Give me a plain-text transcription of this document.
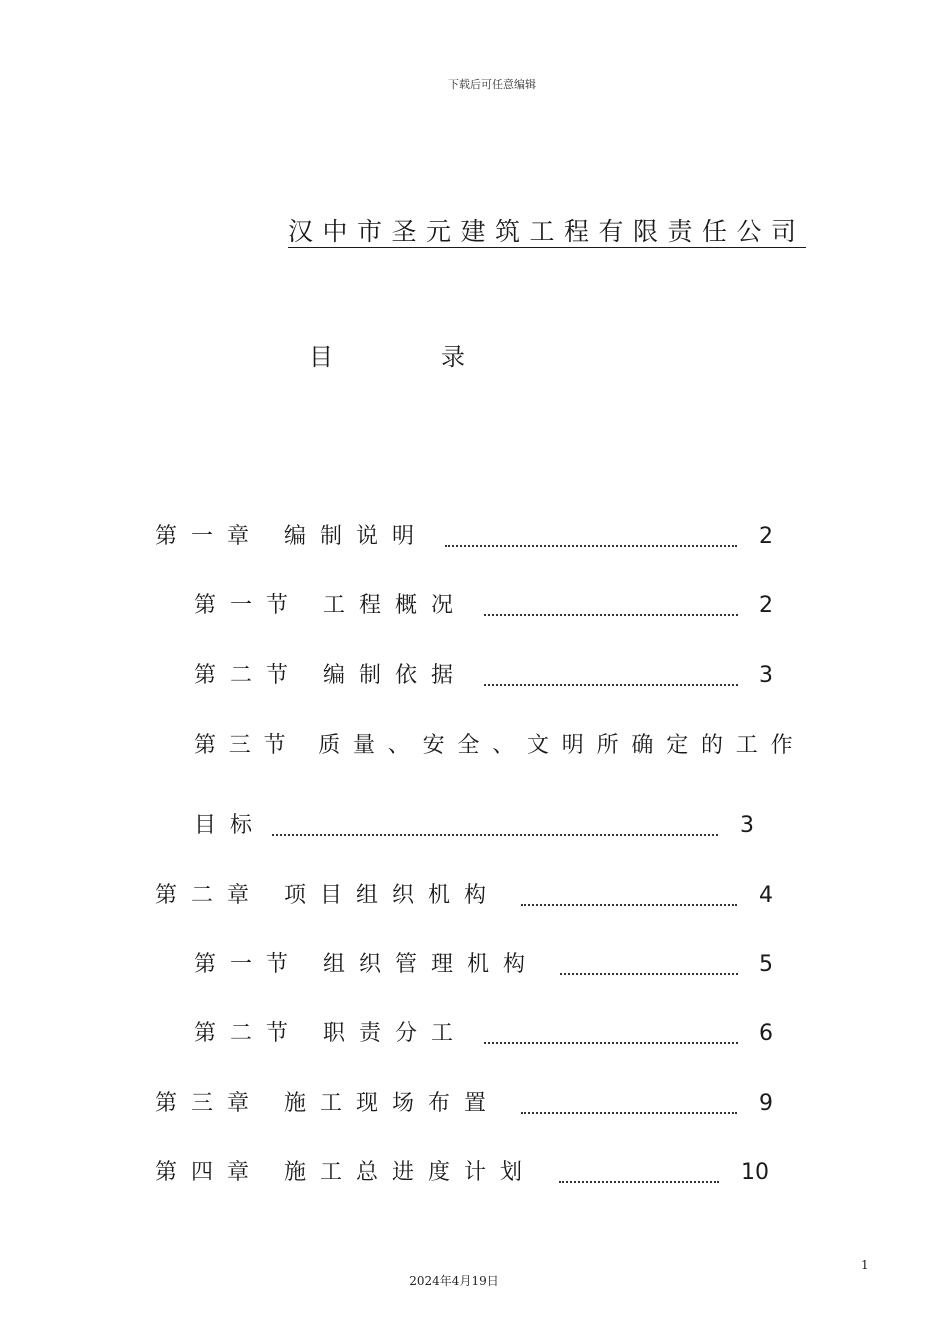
下载后可任意编辑
汉中市圣元建筑工程有限责任公司
目	录
第一章 编制说明	2
第一节 工程概况	2
第二节 编制依据	3
第三节 质量、安全、文明所确定的工作
目标	3
第二章 项目组织机构	4
第一节 组织管理机构	5
第二节 职责分工	6
第三章 施工现场布置	9
第四章 施工总进度计划	10
1
2024年4月19日
